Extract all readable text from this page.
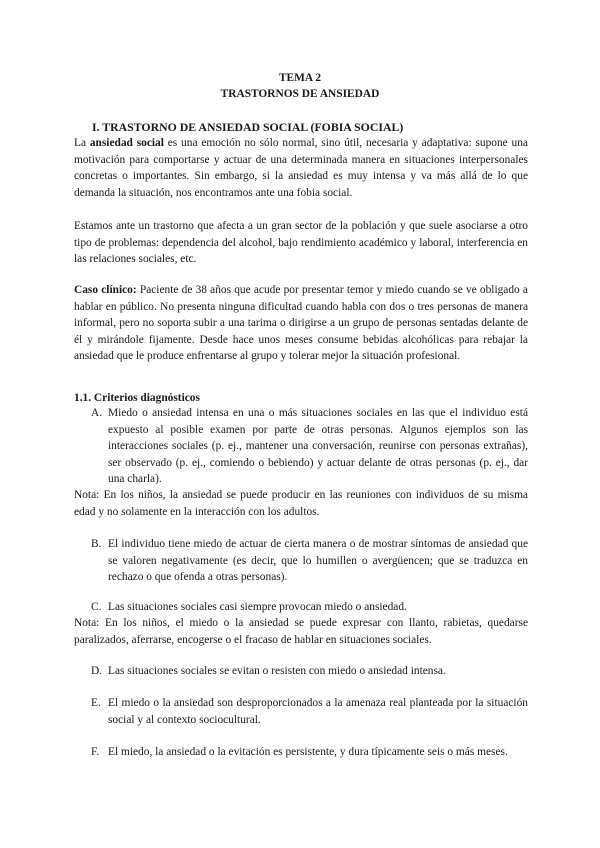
TEMA 2
TRASTORNOS DE ANSIEDAD
I. TRASTORNO DE ANSIEDAD SOCIAL (FOBIA SOCIAL)
La ansiedad social es una emoción no sólo normal, sino útil, necesaria y adaptativa: supone una motivación para comportarse y actuar de una determinada manera en situaciones interpersonales concretas o importantes. Sin embargo, si la ansiedad es muy intensa y va más allá de lo que demanda la situación, nos encontramos ante una fobia social.
Estamos ante un trastorno que afecta a un gran sector de la población y que suele asociarse a otro tipo de problemas: dependencia del alcohol, bajo rendimiento académico y laboral, interferencia en las relaciones sociales, etc.
Caso clínico: Paciente de 38 años que acude por presentar temor y miedo cuando se ve obligado a hablar en público. No presenta ninguna dificultad cuando habla con dos o tres personas de manera informal, pero no soporta subir a una tarima o dirigirse a un grupo de personas sentadas delante de él y mirándole fijamente. Desde hace unos meses consume bebidas alcohólicas para rebajar la ansiedad que le produce enfrentarse al grupo y tolerar mejor la situación profesional.
1.1. Criterios diagnósticos
A. Miedo o ansiedad intensa en una o más situaciones sociales en las que el individuo está expuesto al posible examen por parte de otras personas. Algunos ejemplos son las interacciones sociales (p. ej., mantener una conversación, reunirse con personas extrañas), ser observado (p. ej., comiendo o bebiendo) y actuar delante de otras personas (p. ej., dar una charla).
Nota: En los niños, la ansiedad se puede producir en las reuniones con individuos de su misma edad y no solamente en la interacción con los adultos.
B. El individuo tiene miedo de actuar de cierta manera o de mostrar síntomas de ansiedad que se valoren negativamente (es decir, que lo humillen o avergüencen; que se traduzca en rechazo o que ofenda a otras personas).
C. Las situaciones sociales casi siempre provocan miedo o ansiedad.
Nota: En los niños, el miedo o la ansiedad se puede expresar con llanto, rabietas, quedarse paralizados, aferrarse, encogerse o el fracaso de hablar en situaciones sociales.
D. Las situaciones sociales se evitan o resisten con miedo o ansiedad intensa.
E. El miedo o la ansiedad son desproporcionados a la amenaza real planteada por la situación social y al contexto sociocultural.
F. El miedo, la ansiedad o la evitación es persistente, y dura típicamente seis o más meses.
